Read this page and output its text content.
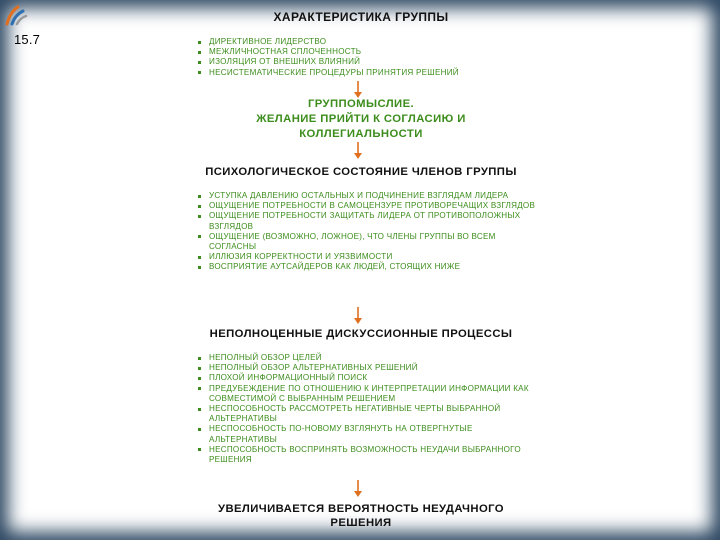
15.7
ХАРАКТЕРИСТИКА ГРУППЫ
ДИРЕКТИВНОЕ ЛИДЕРСТВО
МЕЖЛИЧНОСТНАЯ СПЛОЧЕННОСТЬ
ИЗОЛЯЦИЯ ОТ ВНЕШНИХ ВЛИЯНИЙ
НЕСИСТЕМАТИЧЕСКИЕ ПРОЦЕДУРЫ ПРИНЯТИЯ РЕШЕНИЙ
ГРУППОМЫСЛИЕ.
ЖЕЛАНИЕ ПРИЙТИ К СОГЛАСИЮ И
КОЛЛЕГИАЛЬНОСТИ
ПСИХОЛОГИЧЕСКОЕ СОСТОЯНИЕ ЧЛЕНОВ ГРУППЫ
УСТУПКА ДАВЛЕНИЮ ОСТАЛЬНЫХ И ПОДЧИНЕНИЕ ВЗГЛЯДАМ ЛИДЕРА
ОЩУЩЕНИЕ ПОТРЕБНОСТИ В САМОЦЕНЗУРЕ ПРОТИВОРЕЧАЩИХ ВЗГЛЯДОВ
ОЩУЩЕНИЕ ПОТРЕБНОСТИ ЗАЩИТАТЬ ЛИДЕРА ОТ ПРОТИВОПОЛОЖНЫХ ВЗГЛЯДОВ
ОЩУЩЕНИЕ (ВОЗМОЖНО, ЛОЖНОЕ), ЧТО ЧЛЕНЫ ГРУППЫ ВО ВСЕМ СОГЛАСНЫ
ИЛЛЮЗИЯ КОРРЕКТНОСТИ И УЯЗВИМОСТИ
ВОСПРИЯТИЕ АУТСАЙДЕРОВ КАК ЛЮДЕЙ, СТОЯЩИХ НИЖЕ
НЕПОЛНОЦЕННЫЕ ДИСКУССИОННЫЕ ПРОЦЕССЫ
НЕПОЛНЫЙ ОБЗОР ЦЕЛЕЙ
НЕПОЛНЫЙ ОБЗОР АЛЬТЕРНАТИВНЫХ РЕШЕНИЙ
ПЛОХОЙ ИНФОРМАЦИОННЫЙ ПОИСК
ПРЕДУБЕЖДЕНИЕ ПО ОТНОШЕНИЮ К ИНТЕРПРЕТАЦИИ ИНФОРМАЦИИ КАК СОВМЕСТИМОЙ С ВЫБРАННЫМ РЕШЕНИЕМ
НЕСПОСОБНОСТЬ РАССМОТРЕТЬ НЕГАТИВНЫЕ ЧЕРТЫ ВЫБРАННОЙ АЛЬТЕРНАТИВЫ
НЕСПОСОБНОСТЬ ПО-НОВОМУ ВЗГЛЯНУТЬ НА ОТВЕРГНУТЫЕ АЛЬТЕРНАТИВЫ
НЕСПОСОБНОСТЬ ВОСПРИНЯТЬ ВОЗМОЖНОСТЬ НЕУДАЧИ ВЫБРАННОГО РЕШЕНИЯ
УВЕЛИЧИВАЕТСЯ ВЕРОЯТНОСТЬ НЕУДАЧНОГО
РЕШЕНИЯ
